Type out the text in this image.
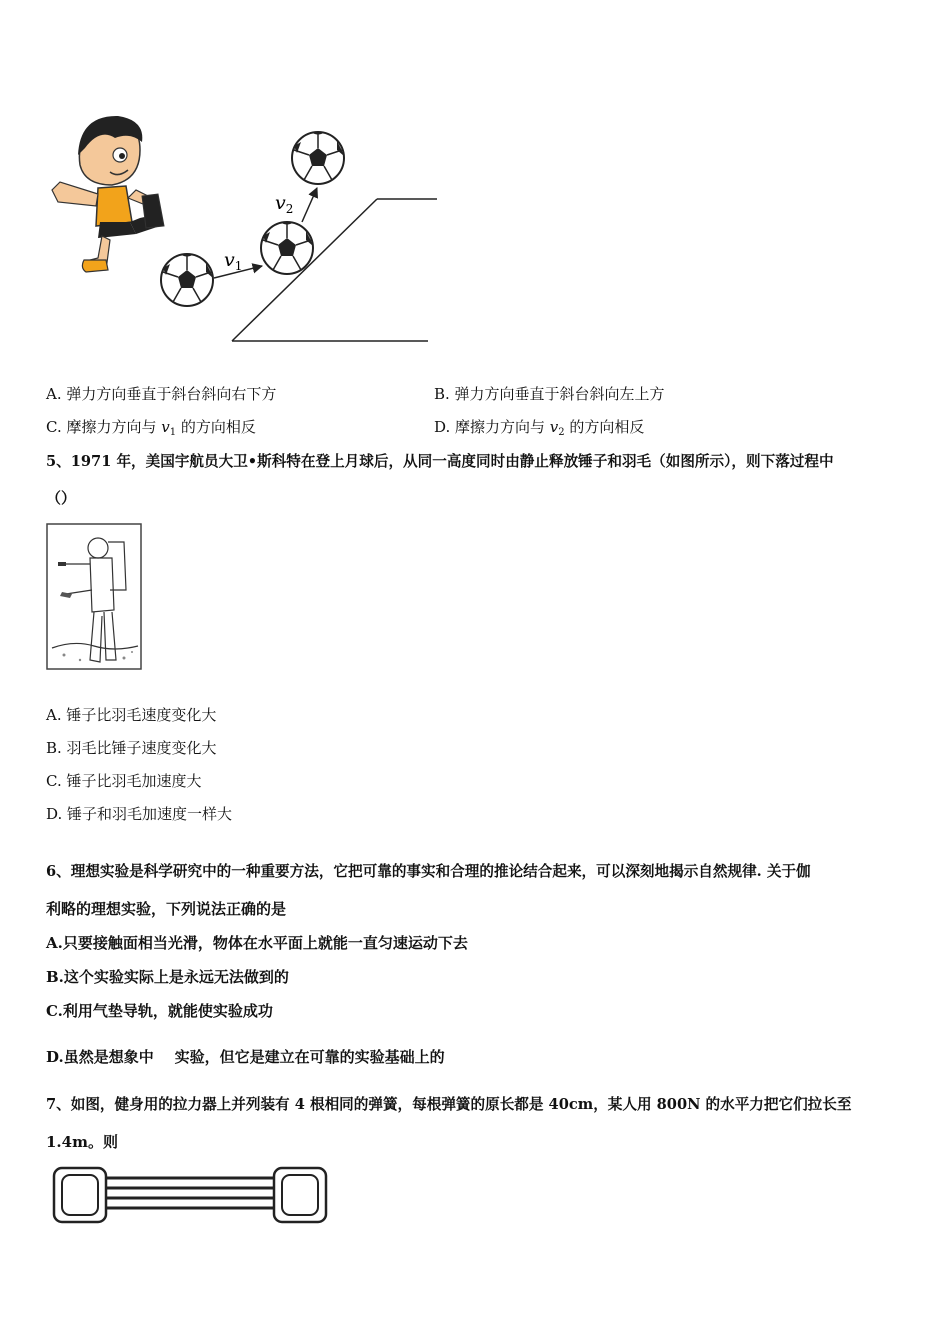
$v_1$
$v_2$
A. 弹力方向垂直于斜台斜向右下方	B. 弹力方向垂直于斜台斜向左上方
C. 摩擦力方向与 $v_1$ 的方向相反	D. 摩擦力方向与 $v_2$ 的方向相反
5、1971 年，美国宇航员大卫•斯科特在登上月球后，从同一高度同时由静止释放锤子和羽毛（如图所示），则下落过程中
（）
A. 锤子比羽毛速度变化大
B. 羽毛比锤子速度变化大
C. 锤子比羽毛加速度大
D. 锤子和羽毛加速度一样大
6、理想实验是科学研究中的一种重要方法，它把可靠的事实和合理的推论结合起来，可以深刻地揭示自然规律. 关于伽
利略的理想实验，下列说法正确的是
A.只要接触面相当光滑，物体在水平面上就能一直匀速运动下去
B.这个实验实际上是永远无法做到的
C.利用气垫导轨，就能使实验成功
D.虽然是想象中    实验，但它是建立在可靠的实验基础上的
7、如图，健身用的拉力器上并列装有 4 根相同的弹簧，每根弹簧的原长都是 40cm，某人用 800N 的水平力把它们拉长至
1.4m。则
